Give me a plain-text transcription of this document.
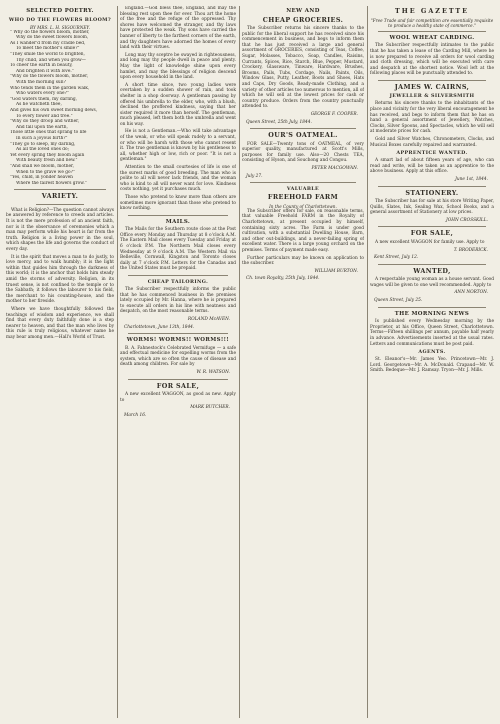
SELECTED POETRY.
WHO DO THE FLOWERS BLOOM?
BY MRS. L. H. SIGOURNEY.
" Why do the flowers bloom, mother,
Why do the sweet flowers bloom,
As I wander'd from my cradle bed,
To meet the mother's smile?"
"They smile the world to brighten,
Thy child, and when you grow—
To cheer the earth in beauty,
And brighten it with love."
"Why do the flowers bloom, mother,
With the morning sun?
Who tends them in the garden walk,
Who waters every one?"
"God waters them, my darling,
As he watcheth thee,
And gives his own sweet morning dews,
To every flower and tree."
"Why do they droop and wither,
And fall upon the earth,
Those little ones that sprang to life
In such a joyous birth?"
"They go to sleep, my darling,
As all the loved ones do;
Yet every spring they bloom again
With beauty fresh and new."
"And shall we bloom, mother,
When to the grave we go?"
"Yes, child, in yonder heaven
Where the fairest flowers grow."
VARIETY.

What is Religion?—The question cannot always be answered by reference to creeds and articles. It is not the mere profession of an ancient faith, nor is it the observance of ceremonies which a man may perform while his heart is far from the truth. Religion is a living power in the soul, which shapes the life and governs the conduct of every day.

It is the spirit that moves a man to do justly, to love mercy, and to walk humbly; it is the light within that guides him through the darkness of this world; it is the anchor that holds him steady amid the storms of adversity. Religion, in its truest sense, is not confined to the temple or to the Sabbath; it follows the labourer to his field, the merchant to his counting-house, and the mother to her fireside.

Where we have thoughtfully followed the teachings of wisdom and experience, we shall find that every duty faithfully done is a step nearer to heaven, and that the man who lives by this rule is truly religious, whatever name he may bear among men.—Hall's World of Trust.

England.—God bless thee, England, and may the blessing rest upon thee for ever. Thou art the home of the free and the refuge of the oppressed. Thy shores have welcomed the stranger, and thy laws have protected the weak. Thy sons have carried the banner of liberty to the farthest corners of the earth, and thy daughters have adorned the homes of every land with their virtues.

Long may thy sceptre be swayed in righteousness, and long may thy people dwell in peace and plenty. May the light of knowledge shine upon every hamlet, and may the blessings of religion descend upon every household in the land.

A short time since, two young ladies were overtaken by a sudden shower of rain, and took shelter in a shop doorway. A gentleman passing by offered his umbrella to the elder, who, with a blush, declined the proffered kindness, saying that her sister required it more than herself. The gentleman, much pleased, left them both the umbrella and went on his way.

He is not a Gentleman.—Who will take advantage of the weak, or who will speak rudely to a servant, or who will be harsh with those who cannot resent it. The true gentleman is known by his gentleness to all, whether high or low, rich or poor. "It is not a gentleman."

Attention to the small courtesies of life is one of the surest marks of good breeding. The man who is polite to all will never lack friends, and the woman who is kind to all will never want for love. Kindness costs nothing, yet it purchases much.

Those who pretend to know more than others are sometimes more ignorant than those who pretend to know nothing.

MAILS.

The Mails for the Southern route close at the Post Office every Monday and Thursday at 8 o'clock A.M. The Eastern Mail closes every Tuesday and Friday at 6 o'clock P.M. The Northern Mail closes every Wednesday at 9 o'clock A.M. The Western Mail via Belleville, Cornwall, Kingston and Toronto closes daily at 7 o'clock P.M. Letters for the Canadas and the United States must be prepaid.

CHEAP TAILORING.

The Subscriber respectfully informs the public that he has commenced business in the premises lately occupied by Mr. Hanna, where he is prepared to execute all orders in his line with neatness and despatch, on the most reasonable terms.

ROLAND McAVEN.
Charlottetown, June 13th, 1844.
WORMS! WORMS!! WORMS!!!

B. A. Fahnestock's Celebrated Vermifuge — a safe and effectual medicine for expelling worms from the system, which are so often the cause of disease and death among children. For sale by

W. R. WATSON.
FOR SALE,

A new excellent WAGGON, as good as new. Apply to

MARK BUTCHER.
March 16.
NEW AND
CHEAP GROCERIES.

The Subscriber returns his sincere thanks to the public for the liberal support he has received since his commencement in business, and begs to inform them that he has just received a large and general assortment of GROCERIES, consisting of Teas, Coffee, Sugar, Molasses, Tobacco, Soap, Candles, Raisins, Currants, Spices, Rice, Starch, Blue, Pepper, Mustard, Crockery, Glassware, Tinware, Hardware, Brushes, Brooms, Pails, Tubs, Cordage, Nails, Paints, Oils, Window Glass, Putty, Leather, Boots and Shoes, Hats and Caps, Dry Goods, Ready-made Clothing, and a variety of other articles too numerous to mention, all of which he will sell at the lowest prices for cash or country produce. Orders from the country punctually attended to.

GEORGE F. COOPER.
Queen Street, 25th July, 1844.
OUR'S OATMEAL.

FOR SALE—Twenty tons of OATMEAL, of very superior quality, manufactured at Scott's Mills, purposes for family use. Also—20 Chests TEA, consisting of Hyson, and Souchong and Congou.

PETER MACGOWAN.
July 27.
VALUABLE
FREEHOLD FARM
In the County of Charlottetown.

The Subscriber offers for sale, on reasonable terms, that valuable Freehold FARM in the Royalty of Charlottetown, at present occupied by himself, containing sixty acres. The Farm is under good cultivation, with a substantial Dwelling House, Barn, and other out-buildings, and a never-failing spring of excellent water. There is a large young orchard on the premises. Terms of payment made easy.

Further particulars may be known on application to the subscriber.

WILLIAM BURTON.
Ch. town Royalty, 25th July, 1844.
THE GAZETTE
"Free Trade and fair competition are essentially requisite to produce a healthy state of commerce."
WOOL WHEAT CARDING.

The Subscriber respectfully intimates to the public that he has taken a lease of the Carding Mill, where he is now prepared to receive all orders for wool carding and cloth dressing, which will be executed with care and despatch at the shortest notice. Wool left at the following places will be punctually attended to.

JAMES W. CAIRNS,
JEWELLER & SILVERSMITH

Returns his sincere thanks to the inhabitants of the place and vicinity for the very liberal encouragement he has received, and begs to inform them that he has on hand a general assortment of Jewellery, Watches, Clocks, Silver Spoons, and Spectacles, which he will sell at moderate prices for cash.

Gold and Silver Watches, Chronometers, Clocks, and Musical Boxes carefully repaired and warranted.

APPRENTICE WANTED.

A smart lad of about fifteen years of age, who can read and write, will be taken as an apprentice to the above business. Apply at this office.

June 1st, 1844.
STATIONERY.

The Subscriber has for sale at his store Writing Paper, Quills, Slates, Ink, Sealing Wax, School Books, and a general assortment of Stationery at low prices.

JOHN CROSSKILL.
FOR SALE,

A new excellent WAGGON for family use. Apply to

T. BRODERICK.
Kent Street, July 12.
WANTED,

A respectable young woman as a house servant. Good wages will be given to one well recommended. Apply to

ANN NORTON.
Queen Street, July 25.
THE MORNING NEWS

Is published every Wednesday morning by the Proprietor, at his Office, Queen Street, Charlottetown. Terms—Fifteen shillings per annum, payable half yearly in advance. Advertisements inserted at the usual rates. Letters and communications must be post paid.

AGENTS.

St. Eleanor's—Mr. James Yeo. Princetown—Mr. J. Lord. Georgetown—Mr. A. McDonald. Crapaud—Mr. W. Smith. Bedeque—Mr. J. Ramsay. Tryon—Mr. J. Mills.
